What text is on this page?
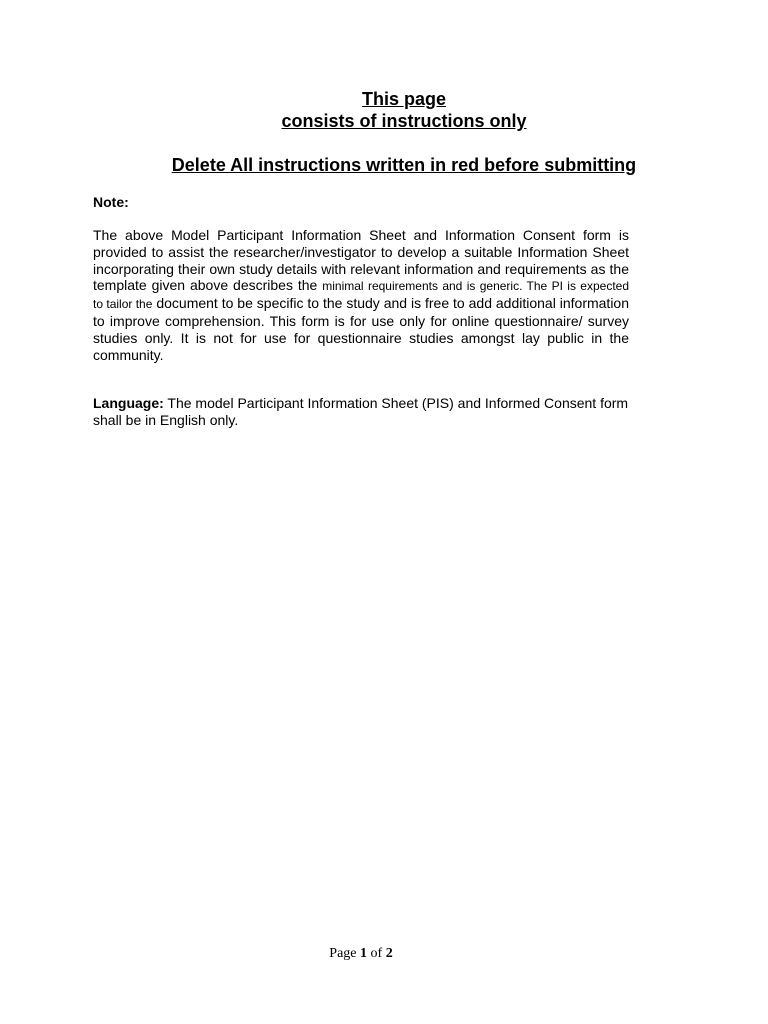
This page
consists of instructions only
Delete All instructions written in red before submitting
Note:
The above Model Participant Information Sheet and Information Consent form is provided to assist the researcher/investigator to develop a suitable Information Sheet incorporating their own study details with relevant information and requirements as the template given above describes the minimal requirements and is generic. The PI is expected to tailor the document to be specific to the study and is free to add additional information to improve comprehension. This form is for use only for online questionnaire/ survey studies only. It is not for use for questionnaire studies amongst lay public in the community.
Language: The model Participant Information Sheet (PIS) and Informed Consent form shall be in English only.
Page 1 of 2
